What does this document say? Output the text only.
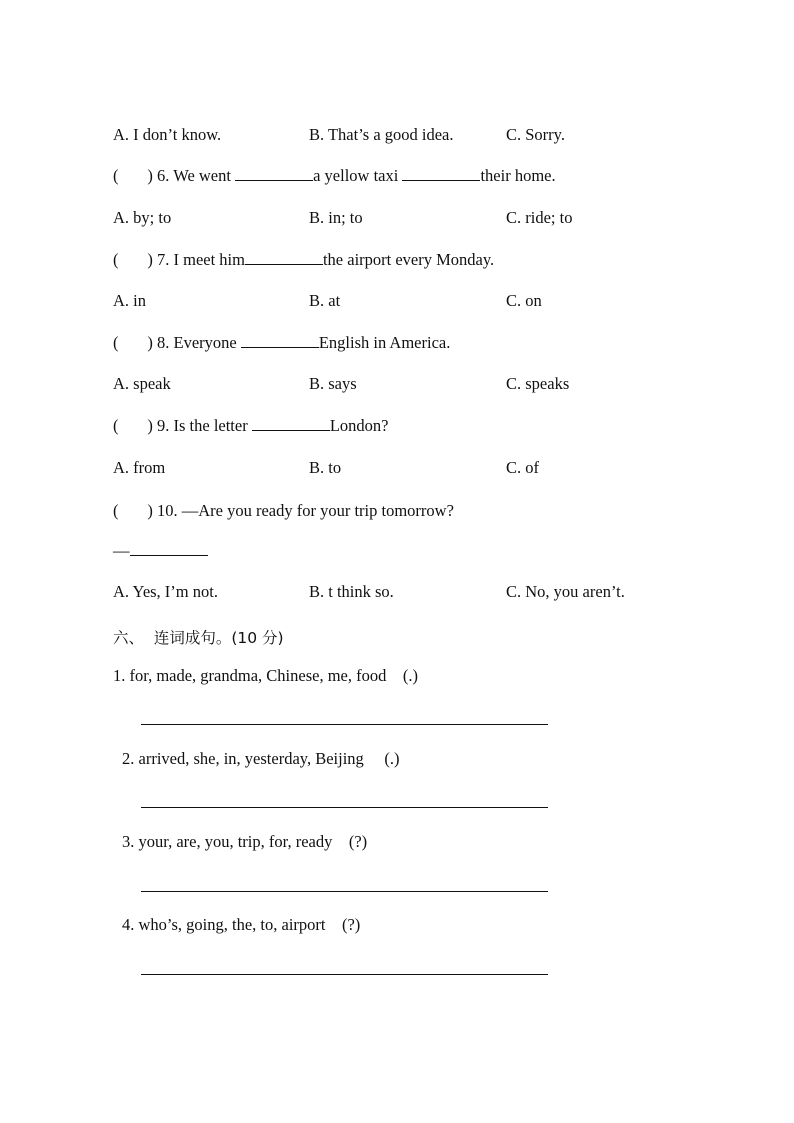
A. I don’t know.	B. That’s a good idea.	C. Sorry.
(       ) 6. We went	a yellow taxi	their home.
A. by; to	B. in; to	C. ride; to
(       ) 7. I meet him	the airport every Monday.
A. in	B. at	C. on
(       ) 8. Everyone	English in America.
A. speak	B. says	C. speaks
(       ) 9. Is the letter	London?
A. from	B. to	C. of
(       ) 10. —Are you ready for your trip tomorrow?
—
A. Yes, I’m not.	B. t think so.	C. No, you aren’t.
六、  连词成句。(10 分)
1. for, made, grandma, Chinese, me, food    (.)
2. arrived, she, in, yesterday, Beijing     (.)
3. your, are, you, trip, for, ready    (?)
4. who’s, going, the, to, airport    (?)
